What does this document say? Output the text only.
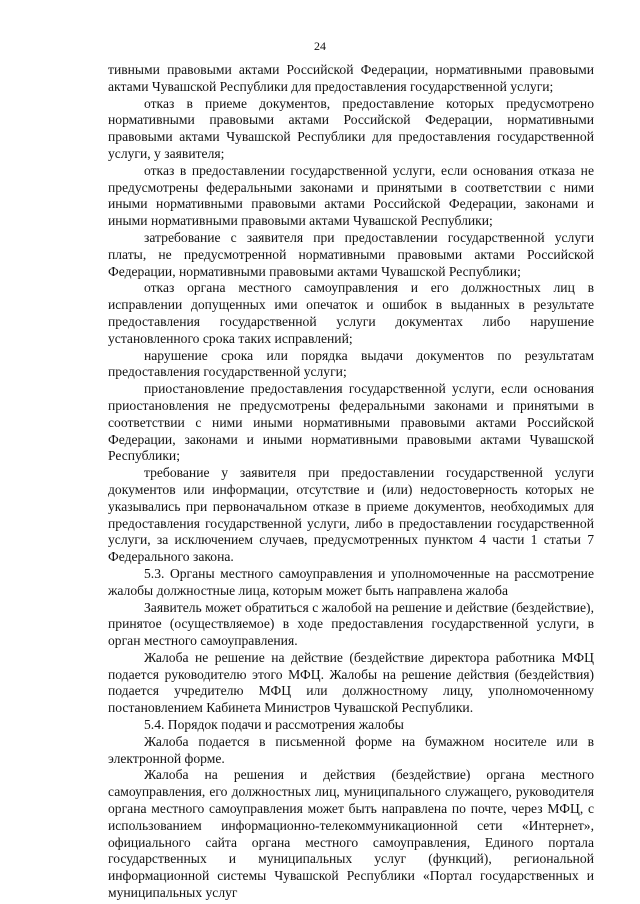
24

тивными правовыми актами Российской Федерации, нормативными правовыми актами Чувашской Республики для предоставления государственной услуги;

отказ в приеме документов, предоставление которых предусмотрено нормативными правовыми актами Российской Федерации, нормативными правовыми актами Чувашской Республики для предоставления государственной услуги, у заявителя;

отказ в предоставлении государственной услуги, если основания отказа не предусмотрены федеральными законами и принятыми в соответствии с ними иными нормативными правовыми актами Российской Федерации, законами и иными нормативными правовыми актами Чувашской Республики;

затребование с заявителя при предоставлении государственной услуги платы, не предусмотренной нормативными правовыми актами Российской Федерации, нормативными правовыми актами Чувашской Республики;

отказ органа местного самоуправления и его должностных лиц в исправлении допущенных ими опечаток и ошибок в выданных в результате предоставления государственной услуги документах либо нарушение установленного срока таких исправлений;

нарушение срока или порядка выдачи документов по результатам предоставления государственной услуги;

приостановление предоставления государственной услуги, если основания приостановления не предусмотрены федеральными законами и принятыми в соответствии с ними иными нормативными правовыми актами Российской Федерации, законами и иными нормативными правовыми актами Чувашской Республики;

требование у заявителя при предоставлении государственной услуги документов или информации, отсутствие и (или) недостоверность которых не указывались при первоначальном отказе в приеме документов, необходимых для предоставления государственной услуги, либо в предоставлении государственной услуги, за исключением случаев, предусмотренных пунктом 4 части 1 статьи 7 Федерального закона.

5.3. Органы местного самоуправления и уполномоченные на рассмотрение жалобы должностные лица, которым может быть направлена жалоба

Заявитель может обратиться с жалобой на решение и действие (бездействие), принятое (осуществляемое) в ходе предоставления государственной услуги, в орган местного самоуправления.

Жалоба не решение на действие (бездействие директора работника МФЦ подается руководителю этого МФЦ. Жалобы на решение действия (бездействия) подается учредителю МФЦ или должностному лицу, уполномоченному постановлением Кабинета Министров Чувашской Республики.

5.4. Порядок подачи и рассмотрения жалобы

Жалоба подается в письменной форме на бумажном носителе или в электронной форме.

Жалоба на решения и действия (бездействие) органа местного самоуправления, его должностных лиц, муниципального служащего, руководителя органа местного самоуправления может быть направлена по почте, через МФЦ, с использованием информационно-телекоммуникационной сети «Интернет», официального сайта органа местного самоуправления, Единого портала государственных и муниципальных услуг (функций), региональной информационной системы Чувашской Республики «Портал государственных и муниципальных услуг
